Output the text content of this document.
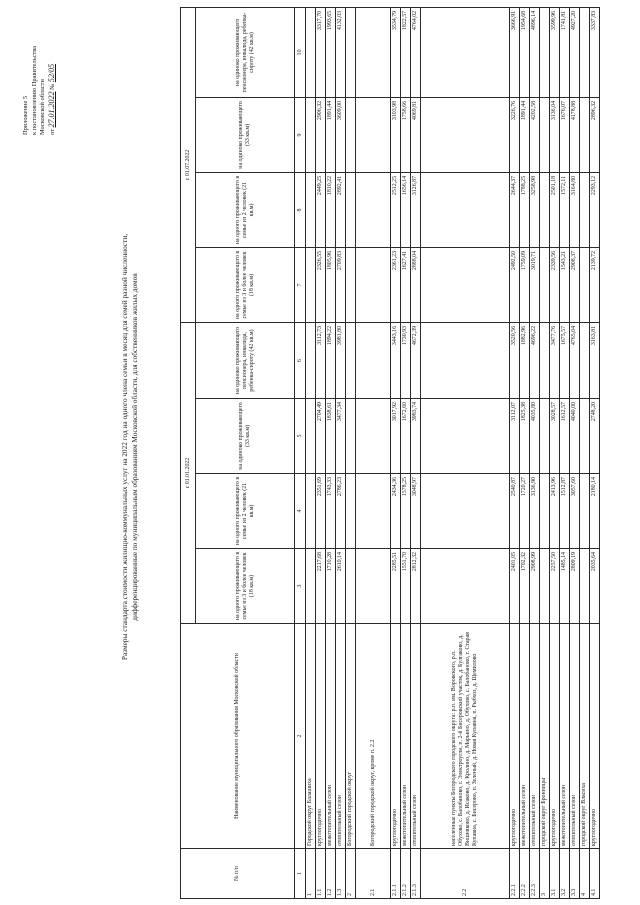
Приложение 5 к постановлению Правительства Московской области от 27.01.2022 № 52/05
Размеры стандарта стоимости жилищно-коммунальных услуг на 2022 год на одного члена семьи в месяц для семей разной численности, дифференцированные по муниципальным образованиям Московской области, для собственников жилых домов
№ п/п	Наименование муниципального образования Московской области	с 01.01.2022				с 01.07.2022			
		на одного проживающего в семье из 3 и более человек (18 кв.м)	на одного проживающего в семье из 2 человек (21 кв.м)	на одиноко проживающего (33 кв.м)	на одиноко проживающего пенсионера, инвалида, ребенка-сироту (42 кв.м)	на одного проживающего в семье из 3 и более человек (18 кв.м)	на одного проживающего в семье из 2 человек (21 кв.м)	на одиноко проживающего (33 кв.м)	на одиноко проживающего пенсионера, инвалида, ребенка-сироту (42 кв.м)
1	2	3	4	5	6	7	8	9	10
1	Городской округ Балашиха								
1.1	круглогодично	2217,68	2351,69	2704,49	3112,73	2326,55	2449,25	2906,32	3317,70
1.2	межотопительный сезон	1710,28	1743,33	1838,61	1894,22	1805,96	1810,22	1891,44	1993,65
1.3	отопительный сезон	2610,14	2786,23	3477,34	3981,80	2709,83	2892,41	3609,00	4132,03
2	Богородский городской округ								
2.1	Богородский городской округ, кроме п. 2.2								
2.1.1	круглогодично	2285,51	2434,36	3017,92	3443,16	2361,23	2512,25	3103,98	3534,79
2.1.2	межотопительный сезон	1551,70	1578,25	1672,60	1730,93	1627,41	1656,14	1758,66	1822,57
2.1.3	отопительный сезон	2812,32	3048,97	3983,74	4672,39	2888,04	3126,87	4069,81	4764,02
2.2	населенные пункты Богородского городского округа: р.п. им. Воровского, р.п. Обухово, с. Балобаново, г. Электроугли, п. 2-й Бисеровский участок, д. Булгаково, д. Вишняково, д. Исаково, д. Кролино, д. Марьино, д. Обухово, с. Балобаново, г. Старая Купавна, с. Бисерово, п. Зеленый, д. Новая Купавна, п. Рыбхоз, д. Щемилово								
2.2.1	круглогодично	2401,05	2540,87	3112,07	3520,56	2492,50	2644,37	3226,76	3666,91
2.2.2	межотопительный сезон	1702,32	1720,27	1825,38	1882,96	1759,09	1788,25	1891,44	1954,68
2.2.3	отопительный сезон	2908,99	3136,90	4035,80	4696,22	3019,71	3258,98	4202,58	4896,14
3	городской округ Бронницы								
3.1	круглогодично	2257,50	2413,96	3028,57	3477,76	2339,56	2501,18	3136,04	3599,96
3.2	межотопительный сезон	1485,14	1512,87	1612,57	1675,57	1543,21	1572,11	1676,07	1741,81
3.3	отопительный сезон	2809,19	3057,60	4040,00	4765,04	2908,37	3164,80	4178,88	4927,20
4	городской округ Власиха								
4.1	круглогодично	2035,64	2180,14	2748,20	3163,81	2139,72	2293,12	2896,32	3337,83
